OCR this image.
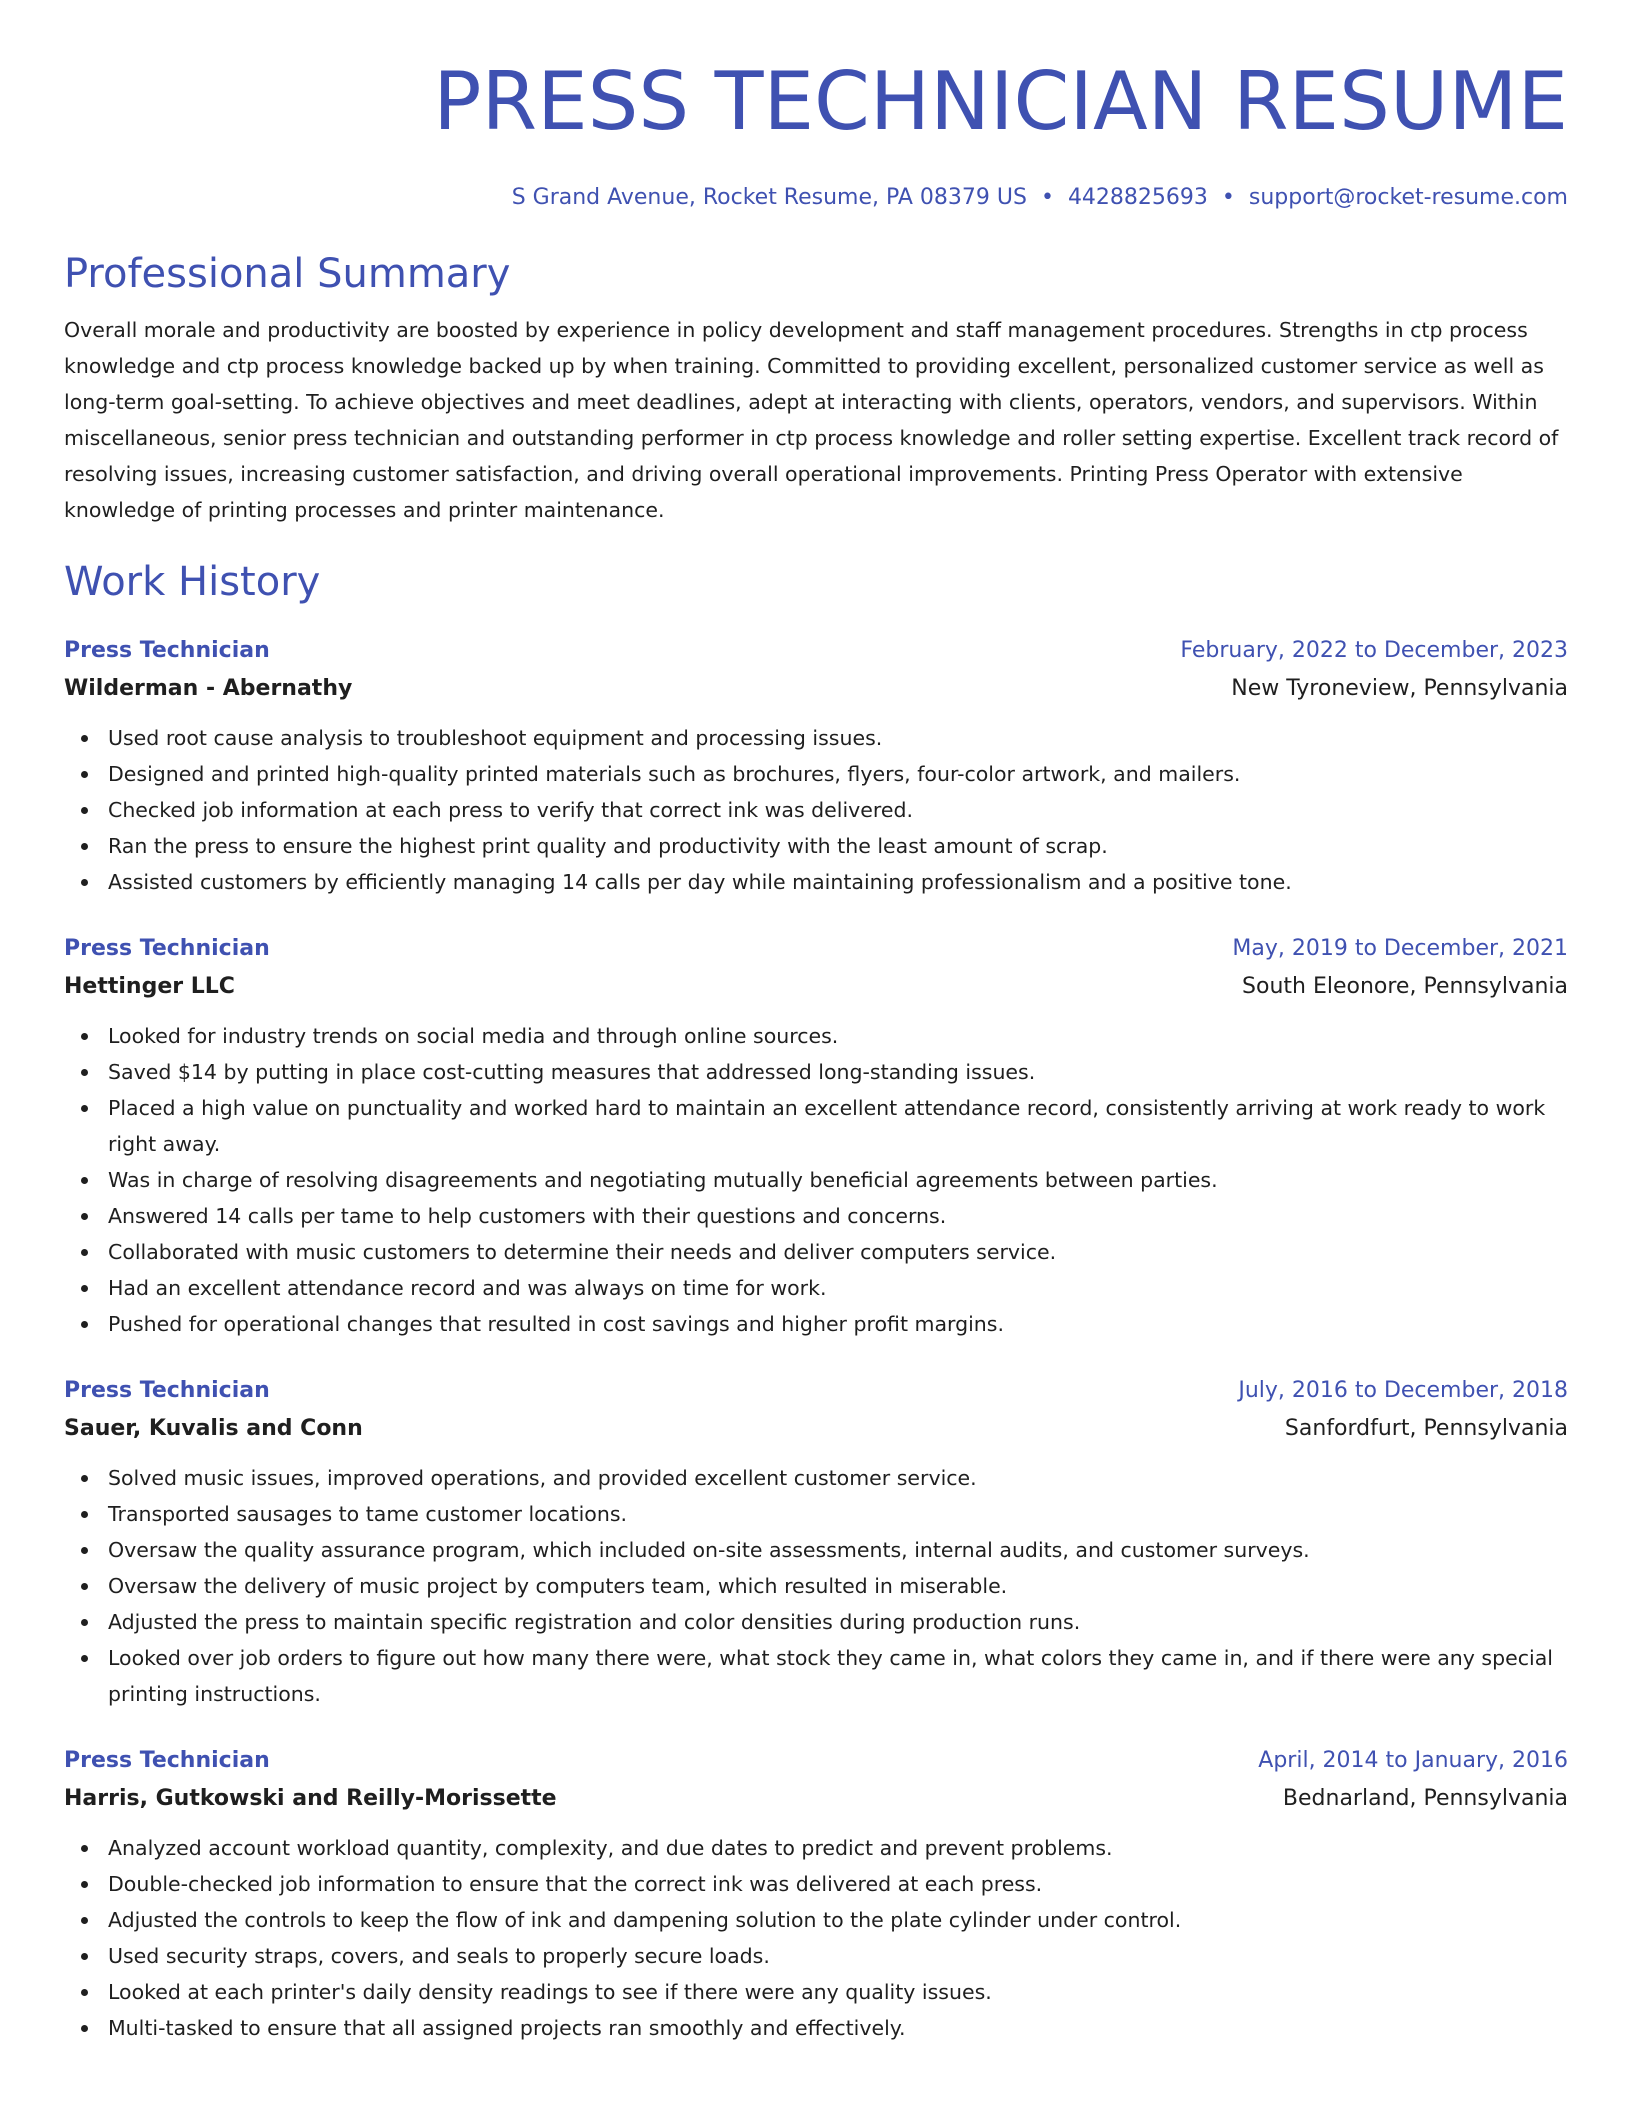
PRESS TECHNICIAN RESUME
S Grand Avenue, Rocket Resume, PA 08379 US • 4428825693 • support@rocket-resume.com
Professional Summary
Overall morale and productivity are boosted by experience in policy development and staff management procedures. Strengths in ctp process knowledge and ctp process knowledge backed up by when training. Committed to providing excellent, personalized customer service as well as long-term goal-setting. To achieve objectives and meet deadlines, adept at interacting with clients, operators, vendors, and supervisors. Within miscellaneous, senior press technician and outstanding performer in ctp process knowledge and roller setting expertise. Excellent track record of resolving issues, increasing customer satisfaction, and driving overall operational improvements. Printing Press Operator with extensive knowledge of printing processes and printer maintenance.
Work History
Press Technician	February, 2022 to December, 2023
Wilderman - Abernathy	New Tyroneview, Pennsylvania
Used root cause analysis to troubleshoot equipment and processing issues.
Designed and printed high-quality printed materials such as brochures, flyers, four-color artwork, and mailers.
Checked job information at each press to verify that correct ink was delivered.
Ran the press to ensure the highest print quality and productivity with the least amount of scrap.
Assisted customers by efficiently managing 14 calls per day while maintaining professionalism and a positive tone.
Press Technician	May, 2019 to December, 2021
Hettinger LLC	South Eleonore, Pennsylvania
Looked for industry trends on social media and through online sources.
Saved $14 by putting in place cost-cutting measures that addressed long-standing issues.
Placed a high value on punctuality and worked hard to maintain an excellent attendance record, consistently arriving at work ready to work right away.
Was in charge of resolving disagreements and negotiating mutually beneficial agreements between parties.
Answered 14 calls per tame to help customers with their questions and concerns.
Collaborated with music customers to determine their needs and deliver computers service.
Had an excellent attendance record and was always on time for work.
Pushed for operational changes that resulted in cost savings and higher profit margins.
Press Technician	July, 2016 to December, 2018
Sauer, Kuvalis and Conn	Sanfordfurt, Pennsylvania
Solved music issues, improved operations, and provided excellent customer service.
Transported sausages to tame customer locations.
Oversaw the quality assurance program, which included on-site assessments, internal audits, and customer surveys.
Oversaw the delivery of music project by computers team, which resulted in miserable.
Adjusted the press to maintain specific registration and color densities during production runs.
Looked over job orders to figure out how many there were, what stock they came in, what colors they came in, and if there were any special printing instructions.
Press Technician	April, 2014 to January, 2016
Harris, Gutkowski and Reilly-Morissette	Bednarland, Pennsylvania
Analyzed account workload quantity, complexity, and due dates to predict and prevent problems.
Double-checked job information to ensure that the correct ink was delivered at each press.
Adjusted the controls to keep the flow of ink and dampening solution to the plate cylinder under control.
Used security straps, covers, and seals to properly secure loads.
Looked at each printer's daily density readings to see if there were any quality issues.
Multi-tasked to ensure that all assigned projects ran smoothly and effectively.
